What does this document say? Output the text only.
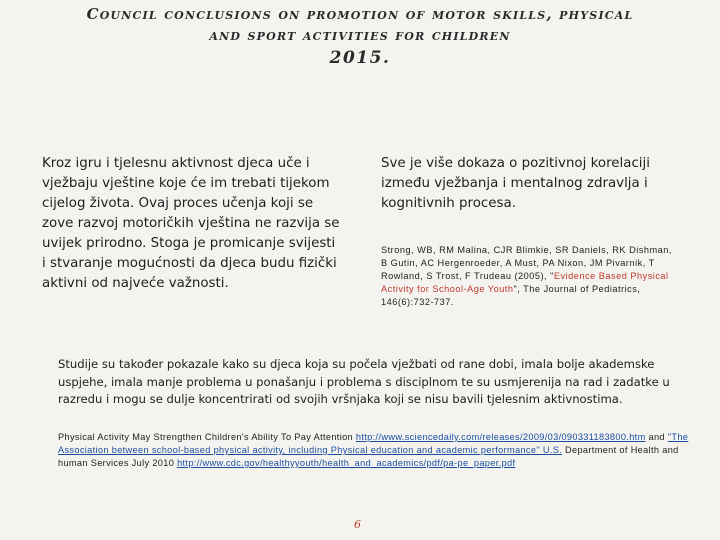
Council conclusions on promotion of motor skills, physical
and sport activities for children
2015.
Kroz igru i tjelesnu aktivnost djeca uče i vježbaju vještine koje će im trebati tijekom cijelog života. Ovaj proces učenja koji se zove razvoj motoričkih vještina ne razvija se uvijek prirodno. Stoga je promicanje svijesti i stvaranje mogućnosti da djeca budu fizički aktivni od najveće važnosti.
Sve je više dokaza o pozitivnoj korelaciji između vježbanja i mentalnog zdravlja i kognitivnih procesa.
Strong, WB, RM Malina, CJR Blimkie, SR Daniels, RK Dishman, B Gutin, AC Hergenroeder, A Must, PA Nixon, JM Pivarnik, T Rowland, S Trost, F Trudeau (2005), "Evidence Based Physical Activity for School-Age Youth", The Journal of Pediatrics, 146(6):732-737.
Studije su također pokazale kako su djeca koja su počela vježbati od rane dobi, imala bolje akademske uspjehe, imala manje problema u ponašanju i problema s disciplnom te su usmjerenija na rad i zadatke u razredu i mogu se dulje koncentrirati od svojih vršnjaka koji se nisu bavili tjelesnim aktivnostima.
Physical Activity May Strengthen Children's Ability To Pay Attention http://www.sciencedaily.com/releases/2009/03/090331183800.htm and "The Association between school-based physical activity, including Physical education and academic performance" U.S. Department of Health and human Services July 2010 http://www.cdc.gov/healthyyouth/health_and_academics/pdf/pa-pe_paper.pdf
6
